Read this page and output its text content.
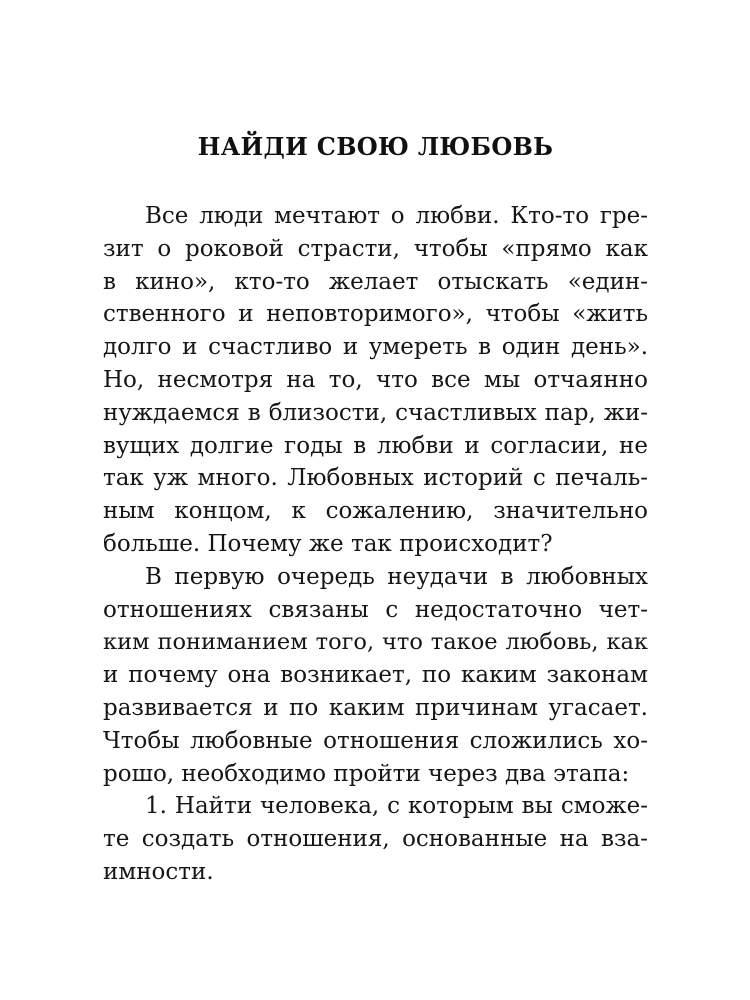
НАЙДИ СВОЮ ЛЮБОВЬ
Все люди мечтают о любви. Кто-то гре-
зит о роковой страсти, чтобы «прямо как
в кино», кто-то желает отыскать «един-
ственного и неповторимого», чтобы «жить
долго и счастливо и умереть в один день».
Но, несмотря на то, что все мы отчаянно
нуждаемся в близости, счастливых пар, жи-
вущих долгие годы в любви и согласии, не
так уж много. Любовных историй с печаль-
ным концом, к сожалению, значительно
больше. Почему же так происходит?
В первую очередь неудачи в любовных
отношениях связаны с недостаточно чет-
ким пониманием того, что такое любовь, как
и почему она возникает, по каким законам
развивается и по каким причинам угасает.
Чтобы любовные отношения сложились хо-
рошо, необходимо пройти через два этапа:
1. Найти человека, с которым вы сможе-
те создать отношения, основанные на вза-
имности.
